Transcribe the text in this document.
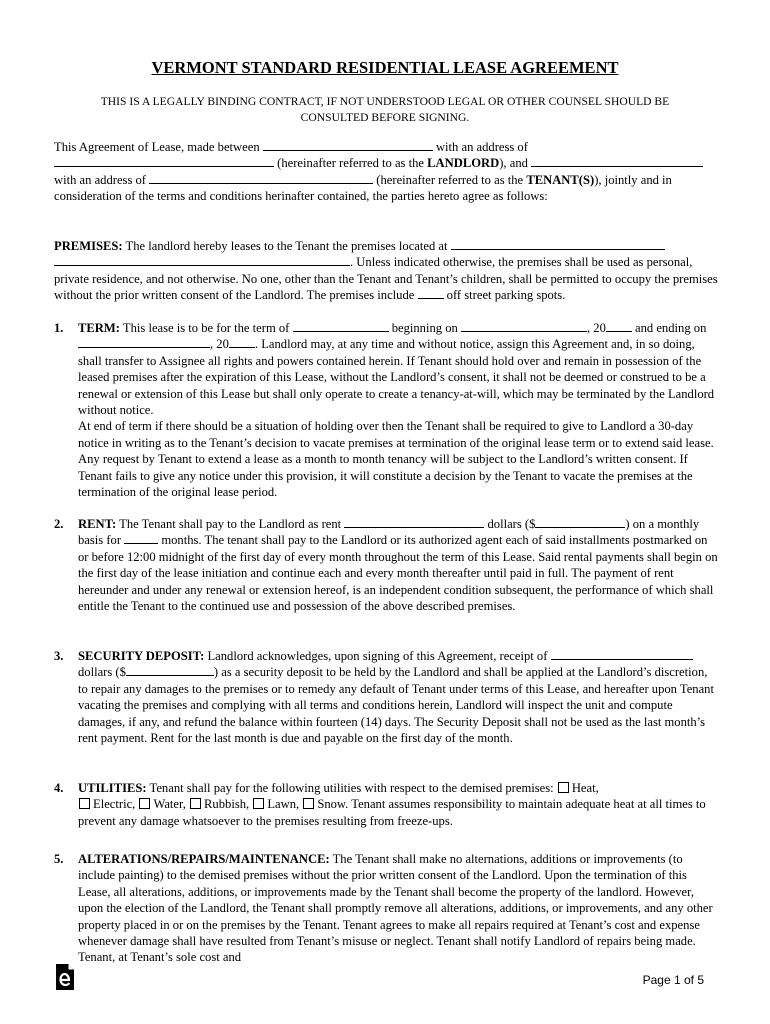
VERMONT STANDARD RESIDENTIAL LEASE AGREEMENT
THIS IS A LEGALLY BINDING CONTRACT, IF NOT UNDERSTOOD LEGAL OR OTHER COUNSEL SHOULD BE
CONSULTED BEFORE SIGNING.
This Agreement of Lease, made between	with an address of  (hereinafter referred to as the LANDLORD), and  with an address of	(hereinafter referred to as the TENANT(S)), jointly and in consideration of the terms and conditions herinafter contained, the parties hereto agree as follows:
PREMISES: The landlord hereby leases to the Tenant the premises located at  . Unless indicated otherwise, the premises shall be used as personal, private residence, and not otherwise. No one, other than the Tenant and Tenant’s children, shall be permitted to occupy the premises without the prior written consent of the Landlord. The premises include	off street parking spots.
1. TERM: This lease is to be for the term of	beginning on	, 20 and ending on , 20 . Landlord may, at any time and without notice, assign this Agreement and, in so doing, shall transfer to Assignee all rights and powers contained herein. If Tenant should hold over and remain in possession of the leased premises after the expiration of this Lease, without the Landlord’s consent, it shall not be deemed or construed to be a renewal or extension of this Lease but shall only operate to create a tenancy-at-will, which may be terminated by the Landlord without notice.
At end of term if there should be a situation of holding over then the Tenant shall be required to give to Landlord a 30-day notice in writing as to the Tenant’s decision to vacate premises at termination of the original lease term or to extend said lease. Any request by Tenant to extend a lease as a month to month tenancy will be subject to the Landlord’s written consent. If Tenant fails to give any notice under this provision, it will constitute a decision by the Tenant to vacate the premises at the termination of the original lease period.
2. RENT: The Tenant shall pay to the Landlord as rent	dollars ($	) on a monthly basis for	months. The tenant shall pay to the Landlord or its authorized agent each of said installments postmarked on or before 12:00 midnight of the first day of every month throughout the term of this Lease. Said rental payments shall begin on the first day of the lease initiation and continue each and every month thereafter until paid in full. The payment of rent hereunder and under any renewal or extension hereof, is an independent condition subsequent, the performance of which shall entitle the Tenant to the continued use and possession of the above described premises.
3. SECURITY DEPOSIT: Landlord acknowledges, upon signing of this Agreement, receipt of  dollars ($	) as a security deposit to be held by the Landlord and shall be applied at the Landlord’s discretion, to repair any damages to the premises or to remedy any default of Tenant under terms of this Lease, and hereafter upon Tenant vacating the premises and complying with all terms and conditions herein, Landlord will inspect the unit and compute damages, if any, and refund the balance within fourteen (14) days. The Security Deposit shall not be used as the last month’s rent payment. Rent for the last month is due and payable on the first day of the month.
4. UTILITIES: Tenant shall pay for the following utilities with respect to the demised premises: Heat,
Electric, Water, Rubbish, Lawn, Snow. Tenant assumes responsibility to maintain adequate heat at all times to prevent any damage whatsoever to the premises resulting from freeze-ups.
5. ALTERATIONS/REPAIRS/MAINTENANCE: The Tenant shall make no alternations, additions or improvements (to include painting) to the demised premises without the prior written consent of the Landlord. Upon the termination of this Lease, all alterations, additions, or improvements made by the Tenant shall become the property of the landlord. However, upon the election of the Landlord, the Tenant shall promptly remove all alterations, additions, or improvements, and any other property placed in or on the premises by the Tenant. Tenant agrees to make all repairs required at Tenant’s cost and expense whenever damage shall have resulted from Tenant’s misuse or neglect. Tenant shall notify Landlord of repairs being made. Tenant, at Tenant’s sole cost and
Page 1 of 5
